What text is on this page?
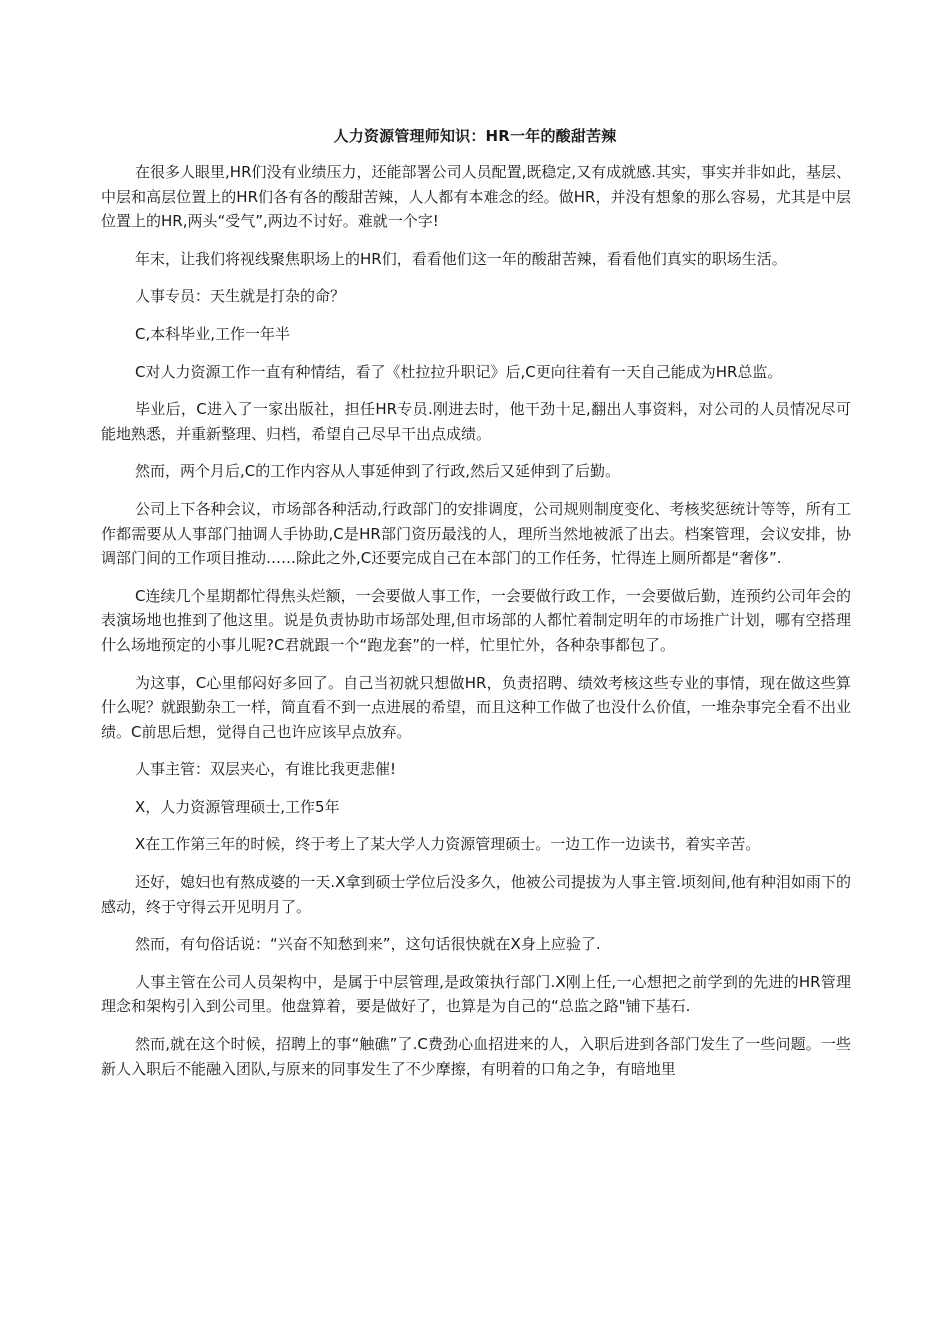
人力资源管理师知识：HR一年的酸甜苦辣

在很多人眼里,HR们没有业绩压力，还能部署公司人员配置,既稳定,又有成就感.其实，事实并非如此，基层、中层和高层位置上的HR们各有各的酸甜苦辣，人人都有本难念的经。做HR，并没有想象的那么容易，尤其是中层位置上的HR,两头“受气”,两边不讨好。难就一个字!

年末，让我们将视线聚焦职场上的HR们，看看他们这一年的酸甜苦辣，看看他们真实的职场生活。

人事专员：天生就是打杂的命？

C,本科毕业,工作一年半

C对人力资源工作一直有种情结，看了《杜拉拉升职记》后,C更向往着有一天自己能成为HR总监。

毕业后，C进入了一家出版社，担任HR专员.刚进去时，他干劲十足,翻出人事资料，对公司的人员情况尽可能地熟悉，并重新整理、归档，希望自己尽早干出点成绩。

然而，两个月后,C的工作内容从人事延伸到了行政,然后又延伸到了后勤。

公司上下各种会议，市场部各种活动,行政部门的安排调度，公司规则制度变化、考核奖惩统计等等，所有工作都需要从人事部门抽调人手协助,C是HR部门资历最浅的人，理所当然地被派了出去。档案管理，会议安排，协调部门间的工作项目推动……除此之外,C还要完成自己在本部门的工作任务，忙得连上厕所都是“奢侈”.

C连续几个星期都忙得焦头烂额，一会要做人事工作，一会要做行政工作，一会要做后勤，连预约公司年会的表演场地也推到了他这里。说是负责协助市场部处理,但市场部的人都忙着制定明年的市场推广计划，哪有空搭理什么场地预定的小事儿呢?C君就跟一个“跑龙套”的一样，忙里忙外，各种杂事都包了。

为这事，C心里郁闷好多回了。自己当初就只想做HR，负责招聘、绩效考核这些专业的事情，现在做这些算什么呢？就跟勤杂工一样，简直看不到一点进展的希望，而且这种工作做了也没什么价值，一堆杂事完全看不出业绩。C前思后想，觉得自己也许应该早点放弃。

人事主管：双层夹心，有谁比我更悲催!

X，人力资源管理硕士,工作5年

X在工作第三年的时候，终于考上了某大学人力资源管理硕士。一边工作一边读书，着实辛苦。

还好，媳妇也有熬成婆的一天.X拿到硕士学位后没多久，他被公司提拔为人事主管.顷刻间,他有种泪如雨下的感动，终于守得云开见明月了。

然而，有句俗话说：“兴奋不知愁到来”，这句话很快就在X身上应验了.

人事主管在公司人员架构中，是属于中层管理,是政策执行部门.X刚上任,一心想把之前学到的先进的HR管理理念和架构引入到公司里。他盘算着，要是做好了，也算是为自己的“总监之路"铺下基石.

然而,就在这个时候，招聘上的事“触礁”了.C费劲心血招进来的人，入职后进到各部门发生了一些问题。一些新人入职后不能融入团队,与原来的同事发生了不少摩擦，有明着的口角之争，有暗地里
